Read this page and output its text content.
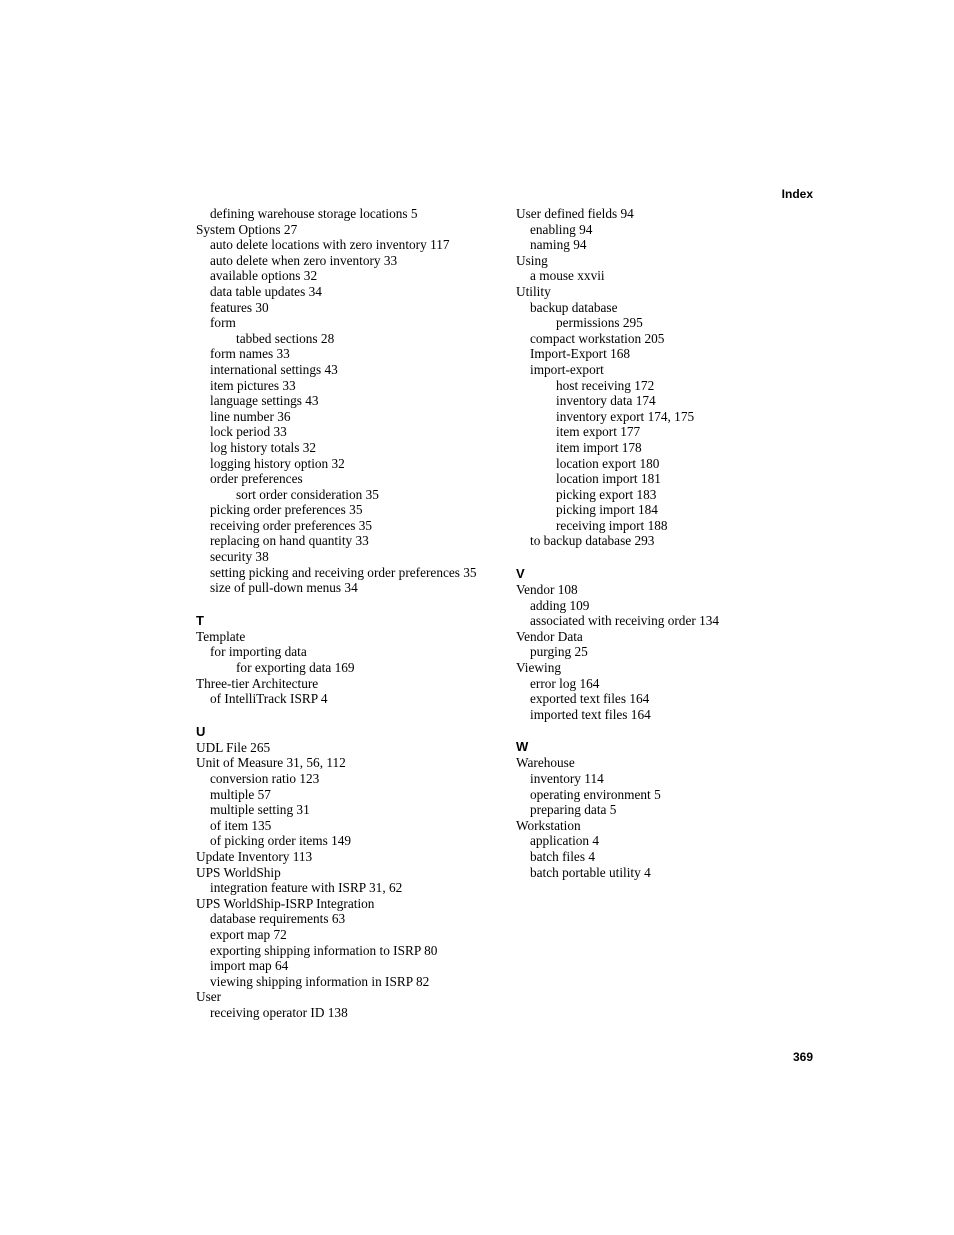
Index
defining warehouse storage locations 5
System Options 27
auto delete locations with zero inventory 117
auto delete when zero inventory 33
available options 32
data table updates 34
features 30
form
tabbed sections 28
form names 33
international settings 43
item pictures 33
language settings 43
line number 36
lock period 33
log history totals 32
logging history option 32
order preferences
sort order consideration 35
picking order preferences 35
receiving order preferences 35
replacing on hand quantity 33
security 38
setting picking and receiving order preferences 35
size of pull-down menus 34
T
Template
for importing data
for exporting data 169
Three-tier Architecture
of IntelliTrack ISRP 4
U
UDL File 265
Unit of Measure 31, 56, 112
conversion ratio 123
multiple 57
multiple setting 31
of item 135
of picking order items 149
Update Inventory 113
UPS WorldShip
integration feature with ISRP 31, 62
UPS WorldShip-ISRP Integration
database requirements 63
export map 72
exporting shipping information to ISRP 80
import map 64
viewing shipping information in ISRP 82
User
receiving operator ID 138
User defined fields 94
enabling 94
naming 94
Using
a mouse xxvii
Utility
backup database
permissions 295
compact workstation 205
Import-Export 168
import-export
host receiving 172
inventory data 174
inventory export 174, 175
item export 177
item import 178
location export 180
location import 181
picking export 183
picking import 184
receiving import 188
to backup database 293
V
Vendor 108
adding 109
associated with receiving order 134
Vendor Data
purging 25
Viewing
error log 164
exported text files 164
imported text files 164
W
Warehouse
inventory 114
operating environment 5
preparing data 5
Workstation
application 4
batch files 4
batch portable utility 4
369
